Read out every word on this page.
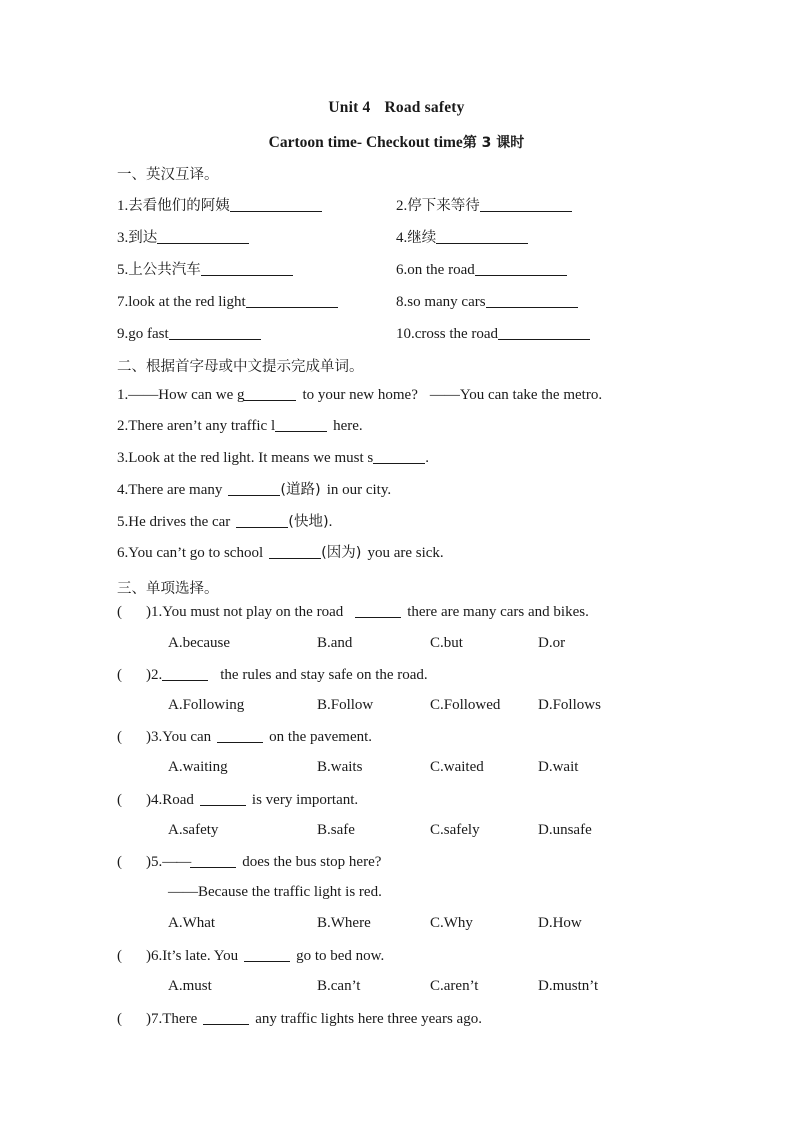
Unit 4 Road safety
Cartoon time- Checkout time第 3 课时
一、英汉互译。
1.去看他们的阿姨	2.停下来等待
3.到达	4.继续
5.上公共汽车	6.on the road
7.look at the red light	8.so many cars
9.go fast	10.cross the road
二、根据首字母或中文提示完成单词。
1.——How can we g	to your new home? ——You can take the metro.
2.There aren’t any traffic l	here.
3.Look at the red light. It means we must s	.
4.There are many	(道路) in our city.
5.He drives the car	(快地).
6.You can’t go to school	(因为) you are sick.
三、单项选择。
( )1.You must not play on the road	there are many cars and bikes.
A.because	B.and	C.but	D.or
( )2.	the rules and stay safe on the road.
A.Following	B.Follow	C.Followed	D.Follows
( )3.You can	on the pavement.
A.waiting	B.waits	C.waited	D.wait
( )4.Road	is very important.
A.safety	B.safe	C.safely	D.unsafe
( )5.——	does the bus stop here?
——Because the traffic light is red.
A.What	B.Where	C.Why	D.How
( )6.It’s late. You	go to bed now.
A.must	B.can’t	C.aren’t	D.mustn’t
( )7.There	any traffic lights here three years ago.
